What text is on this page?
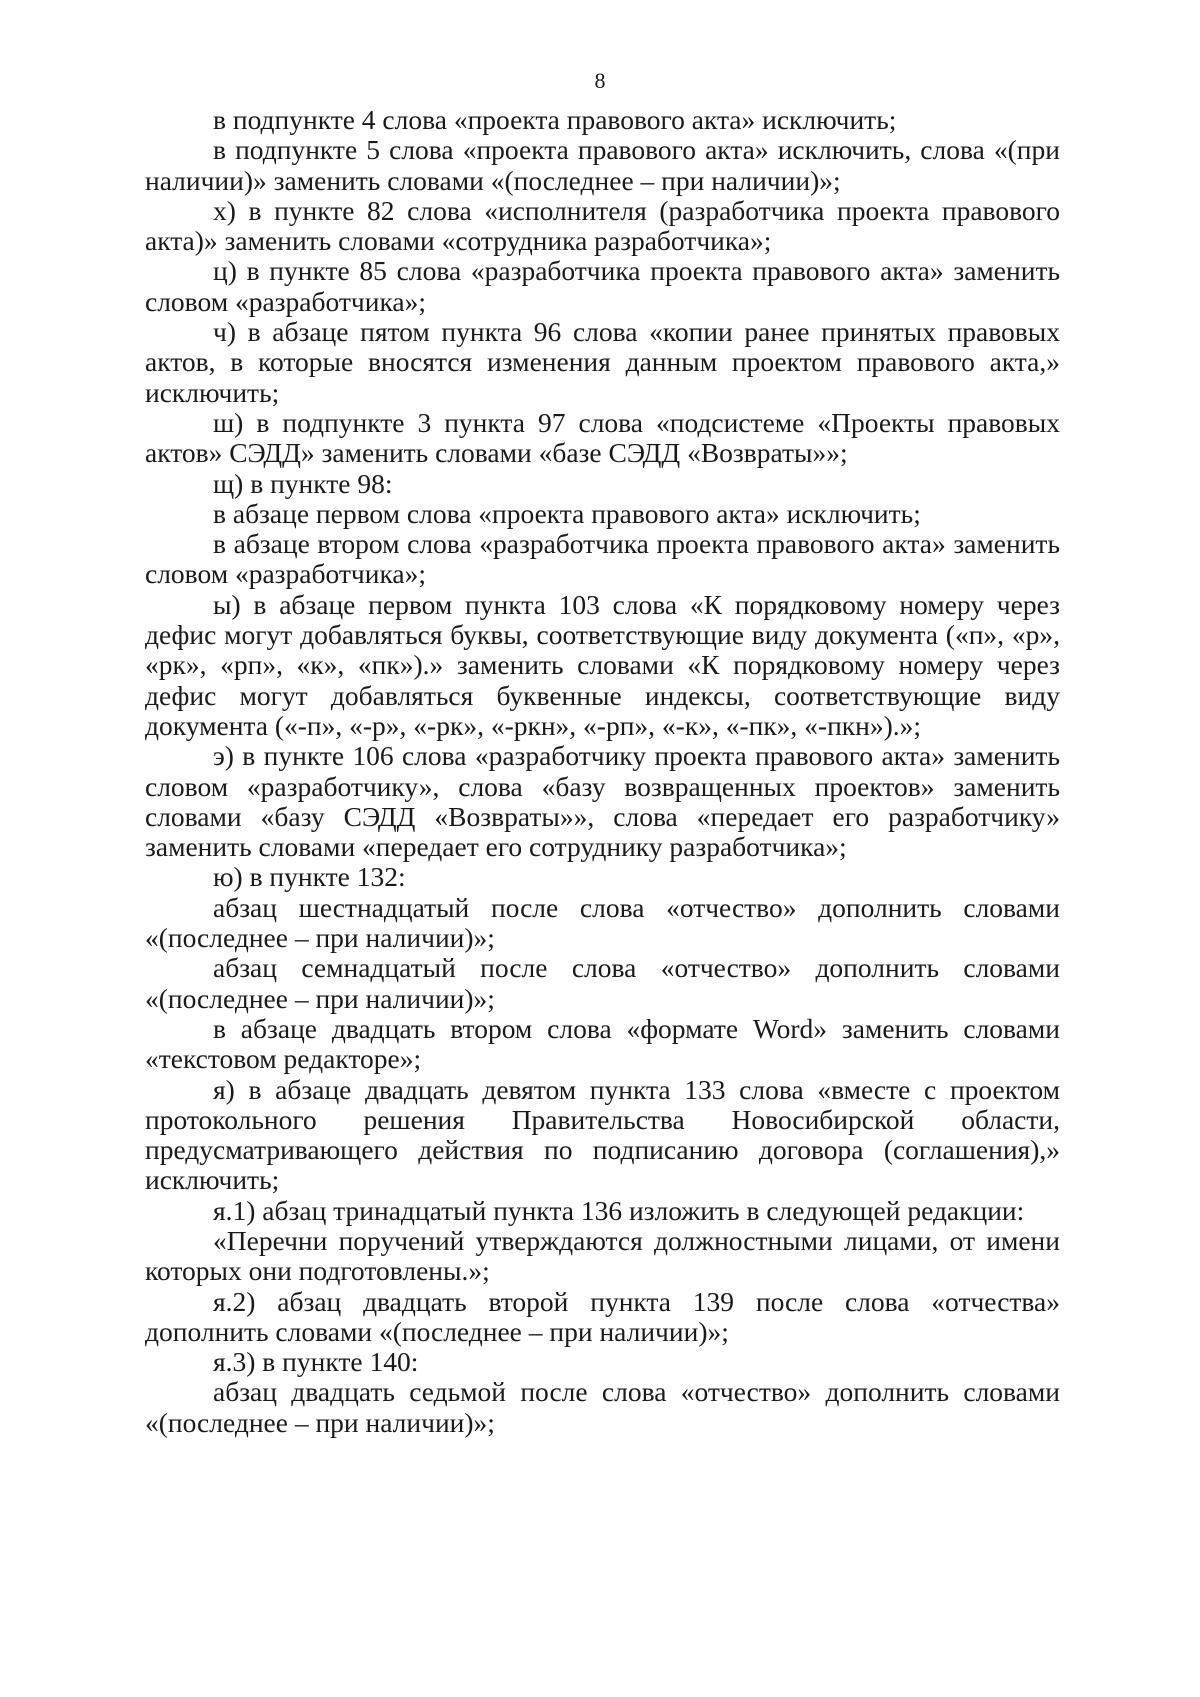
8

в подпункте 4 слова «проекта правового акта» исключить;

в подпункте 5 слова «проекта правового акта» исключить, слова «(при наличии)» заменить словами «(последнее – при наличии)»;

х) в пункте 82 слова «исполнителя (разработчика проекта правового акта)» заменить словами «сотрудника разработчика»;

ц) в пункте 85 слова «разработчика проекта правового акта» заменить словом «разработчика»;

ч) в абзаце пятом пункта 96 слова «копии ранее принятых правовых актов, в которые вносятся изменения данным проектом правового акта,» исключить;

ш) в подпункте 3 пункта 97 слова «подсистеме «Проекты правовых актов» СЭДД» заменить словами «базе СЭДД «Возвраты»»;

щ) в пункте 98:

в абзаце первом слова «проекта правового акта» исключить;

в абзаце втором слова «разработчика проекта правового акта» заменить словом «разработчика»;

ы) в абзаце первом пункта 103 слова «К порядковому номеру через дефис могут добавляться буквы, соответствующие виду документа («п», «р», «рк», «рп», «к», «пк»).» заменить словами «К порядковому номеру через дефис могут добавляться буквенные индексы, соответствующие виду документа («-п», «-р», «-рк», «-ркн», «-рп», «-к», «-пк», «-пкн»).»;

э) в пункте 106 слова «разработчику проекта правового акта» заменить словом «разработчику», слова «базу возвращенных проектов» заменить словами «базу СЭДД «Возвраты»», слова «передает его разработчику» заменить словами «передает его сотруднику разработчика»;

ю) в пункте 132:

абзац шестнадцатый после слова «отчество» дополнить словами «(последнее – при наличии)»;

абзац семнадцатый после слова «отчество» дополнить словами «(последнее – при наличии)»;

в абзаце двадцать втором слова «формате Word» заменить словами «текстовом редакторе»;

я) в абзаце двадцать девятом пункта 133 слова «вместе с проектом протокольного решения Правительства Новосибирской области, предусматривающего действия по подписанию договора (соглашения),» исключить;

я.1) абзац тринадцатый пункта 136 изложить в следующей редакции:

«Перечни поручений утверждаются должностными лицами, от имени которых они подготовлены.»;

я.2) абзац двадцать второй пункта 139 после слова «отчества» дополнить словами «(последнее – при наличии)»;

я.3) в пункте 140:

абзац двадцать седьмой после слова «отчество» дополнить словами «(последнее – при наличии)»;
